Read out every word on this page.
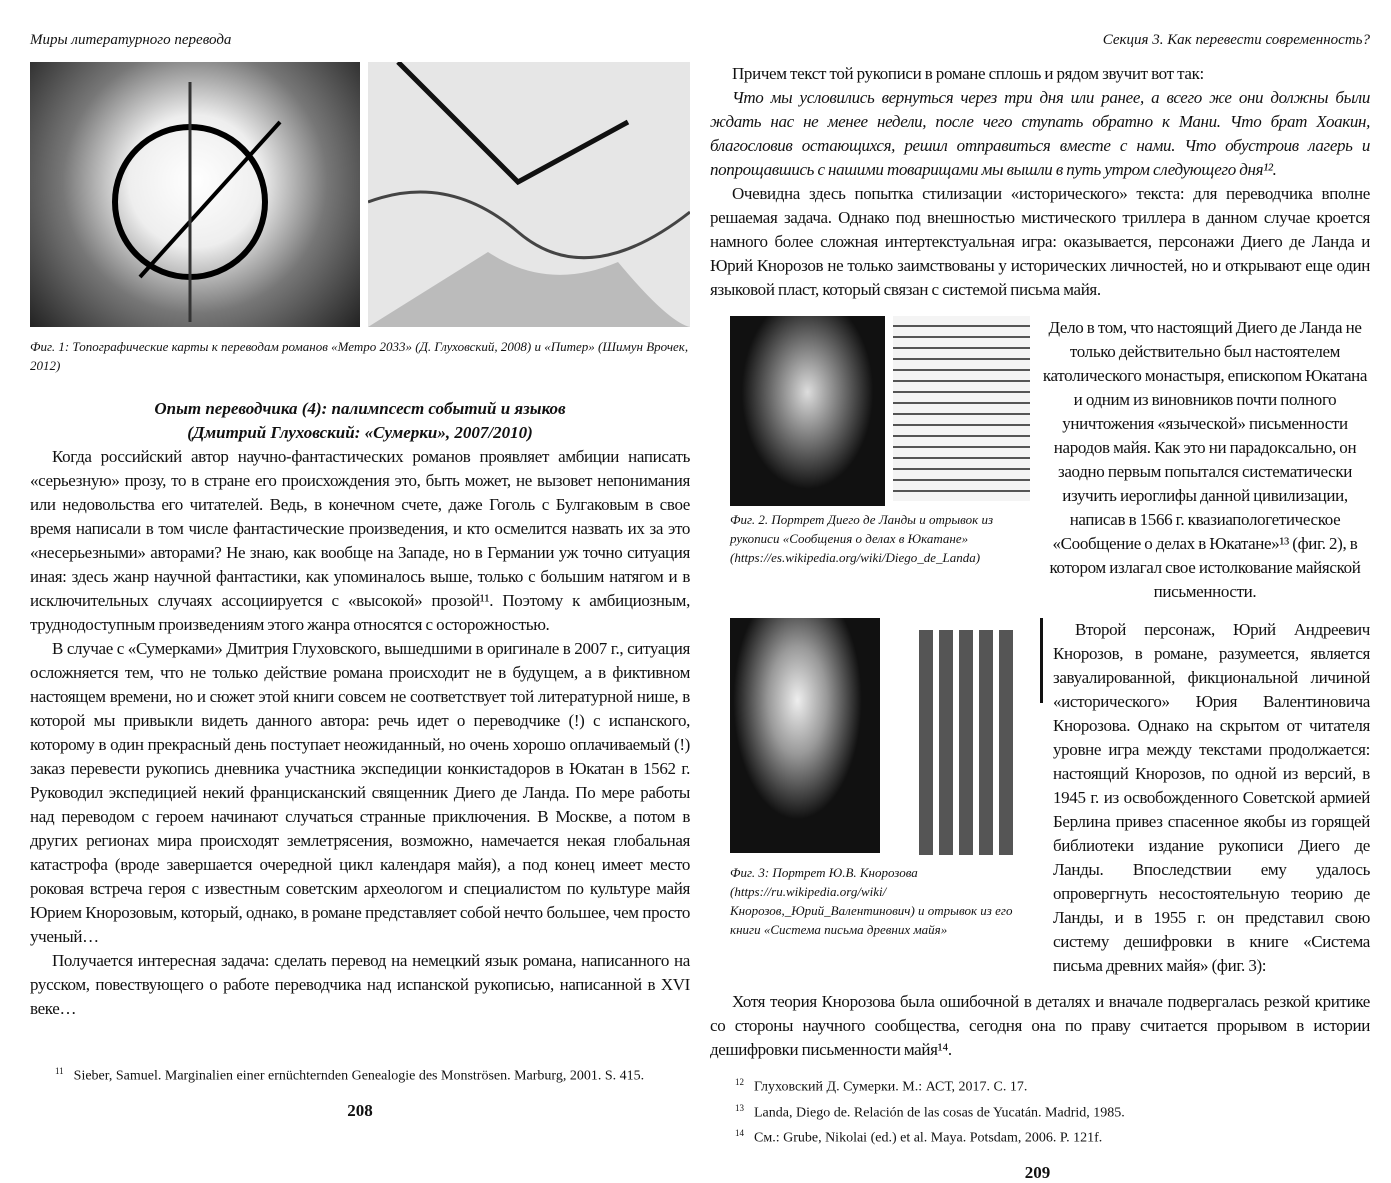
Миры литературного перевода
Фиг. 1: Топографические карты к переводам романов «Метро 2033» (Д. Глуховский, 2008) и «Питер» (Шимун Врочек, 2012)
Опыт переводчика (4): палимпсест событий и языков
(Дмитрий Глуховский: «Сумерки», 2007/2010)

Когда российский автор научно-фантастических романов проявляет амбиции написать «серьезную» прозу, то в стране его происхождения это, быть может, не вызовет непонимания или недовольства его читателей. Ведь, в конечном счете, даже Гоголь с Булгаковым в свое время написали в том числе фантастические произведения, и кто осмелится назвать их за это «несерьезными» авторами? Не знаю, как вообще на Западе, но в Германии уж точно ситуация иная: здесь жанр научной фантастики, как упоминалось выше, только с большим натягом и в исключительных случаях ассоциируется с «высокой» прозой¹¹. Поэтому к амбициозным, труднодоступным произведениям этого жанра относятся с осторожностью.

В случае с «Сумерками» Дмитрия Глуховского, вышедшими в оригинале в 2007 г., ситуация осложняется тем, что не только действие романа происходит не в будущем, а в фиктивном настоящем времени, но и сюжет этой книги совсем не соответствует той литературной нише, в которой мы привыкли видеть данного автора: речь идет о переводчике (!) с испанского, которому в один прекрасный день поступает неожиданный, но очень хорошо оплачиваемый (!) заказ перевести рукопись дневника участника экспедиции конкистадоров в Юкатан в 1562 г. Руководил экспедицией некий францисканский священник Диего де Ланда. По мере работы над переводом с героем начинают случаться странные приключения. В Москве, а потом в других регионах мира происходят землетрясения, возможно, намечается некая глобальная катастрофа (вроде завершается очередной цикл календаря майя), а под конец имеет место роковая встреча героя с известным советским археологом и специалистом по культуре майя Юрием Кнорозовым, который, однако, в романе представляет собой нечто большее, чем просто ученый…

Получается интересная задача: сделать перевод на немецкий язык романа, написанного на русском, повествующего о работе переводчика над испанской рукописью, написанной в XVI веке…

$^{11}$ Sieber, Samuel. Marginalien einer ernüchternden Genealogie des Monströsen. Marburg, 2001. S. 415.
208
Секция 3. Как перевести современность?

Причем текст той рукописи в романе сплошь и рядом звучит вот так:

Что мы условились вернуться через три дня или ранее, а всего же они должны были ждать нас не менее недели, после чего ступать обратно к Мани. Что брат Хоакин, благословив остающихся, решил отправиться вместе с нами. Что обустроив лагерь и попрощавшись с нашими товарищами мы вышли в путь утром следующего дня¹².

Очевидна здесь попытка стилизации «исторического» текста: для переводчика вполне решаемая задача. Однако под внешностью мистического триллера в данном случае кроется намного более сложная интертекстуальная игра: оказывается, персонажи Диего де Ланда и Юрий Кнорозов не только заимствованы у исторических личностей, но и открывают еще один языковой пласт, который связан с системой письма майя.

Фиг. 2. Портрет Диего де Ланды и отрывок из рукописи «Сообщения о делах в Юкатане» (https://es.wikipedia.org/wiki/Diego_de_Landa)

Дело в том, что настоящий Диего де Ланда не только действительно был настоятелем католического монастыря, епископом Юкатана и одним из виновников почти полного уничтожения «языческой» письменности народов майя. Как это ни парадоксально, он заодно первым попытался систематически изучить иероглифы данной цивилизации, написав в 1566 г. квазиапологетическое «Сообщение о делах в Юкатане»¹³ (фиг. 2), в котором излагал свое истолкование майяской письменности.

Фиг. 3: Портрет Ю.В. Кнорозова (https://ru.wikipedia.org/wiki/Кнорозов,_Юрий_Валентинович) и отрывок из его книги «Система письма древних майя»

Второй персонаж, Юрий Андреевич Кнорозов, в романе, разумеется, является завуалированной, фикциональной личиной «исторического» Юрия Валентиновича Кнорозова. Однако на скрытом от читателя уровне игра между текстами продолжается: настоящий Кнорозов, по одной из версий, в 1945 г. из освобожденного Советской армией Берлина привез спасенное якобы из горящей библиотеки издание рукописи Диего де Ланды. Впоследствии ему удалось опровергнуть несостоятельную теорию де Ланды, и в 1955 г. он представил свою систему дешифровки в книге «Система письма древних майя» (фиг. 3):

Хотя теория Кнорозова была ошибочной в деталях и вначале подвергалась резкой критике со стороны научного сообщества, сегодня она по праву считается прорывом в истории дешифровки письменности майя¹⁴.

$^{12}$ Глуховский Д. Сумерки. М.: АСТ, 2017. С. 17.
$^{13}$ Landa, Diego de. Relación de las cosas de Yucatán. Madrid, 1985.
$^{14}$ См.: Grube, Nikolai (ed.) et al. Maya. Potsdam, 2006. P. 121f.
209
